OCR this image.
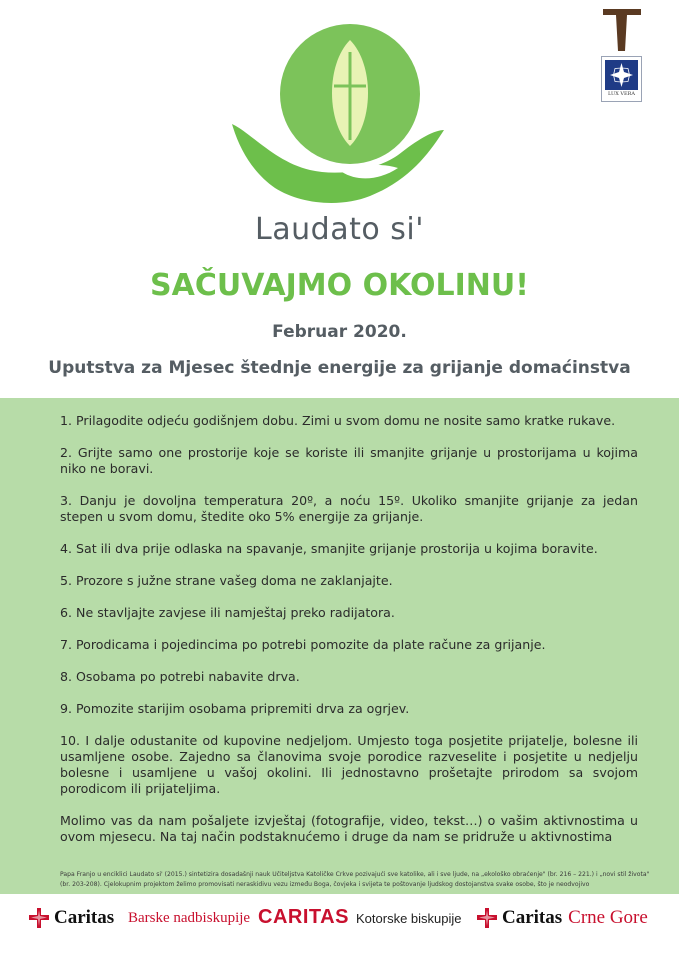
Laudato si'
LUX VERA
SAČUVAJMO OKOLINU!
Februar 2020.
Uputstva za Mjesec štednje energije za grijanje domaćinstva

1. Prilagodite odjeću godišnjem dobu. Zimi u svom domu ne nosite samo kratke rukave.

2. Grijte samo one prostorije koje se koriste ili smanjite grijanje u prostorijama u kojima niko ne boravi.

3. Danju je dovoljna temperatura 20º, a noću 15º. Ukoliko smanjite grijanje za jedan stepen u svom domu, štedite oko 5% energije za grijanje.

4. Sat ili dva prije odlaska na spavanje, smanjite grijanje prostorija u kojima boravite.

5. Prozore s južne strane vašeg doma ne zaklanjajte.

6. Ne stavljajte zavjese ili namještaj preko radijatora.

7. Porodicama i pojedincima po potrebi pomozite da plate račune za grijanje.

8. Osobama po potrebi nabavite drva.

9. Pomozite starijim osobama pripremiti drva za ogrjev.

10. I dalje odustanite od kupovine nedjeljom. Umjesto toga posjetite prijatelje, bolesne ili usamljene osobe. Zajedno sa članovima svoje porodice razveselite i posjetite u nedjelju bolesne i usamljene u vašoj okolini. Ili jednostavno prošetajte prirodom sa svojom porodicom ili prijateljima.

Molimo vas da nam pošaljete izvještaj (fotografije, video, tekst…) o vašim aktivnostima u ovom mjesecu. Na taj način podstaknućemo i druge da nam se pridruže u aktivnostima

Papa Franjo u enciklici Laudato si' (2015.) sintetizira dosadašnji nauk Učiteljstva Katoličke Crkve pozivajući sve katolike, ali i sve ljude, na „ekološko obraćenje" (br. 216 – 221.) i „novi stil života" (br. 203-208). Cjelokupnim projektom želimo promovisati neraskidivu vezu između Boga, čovjeka i svijeta te poštovanje ljudskog dostojanstva svake osobe, što je neodvojivo

Caritas Barske nadbiskupije CARITAS Kotorske biskupije Caritas Crne Gore
